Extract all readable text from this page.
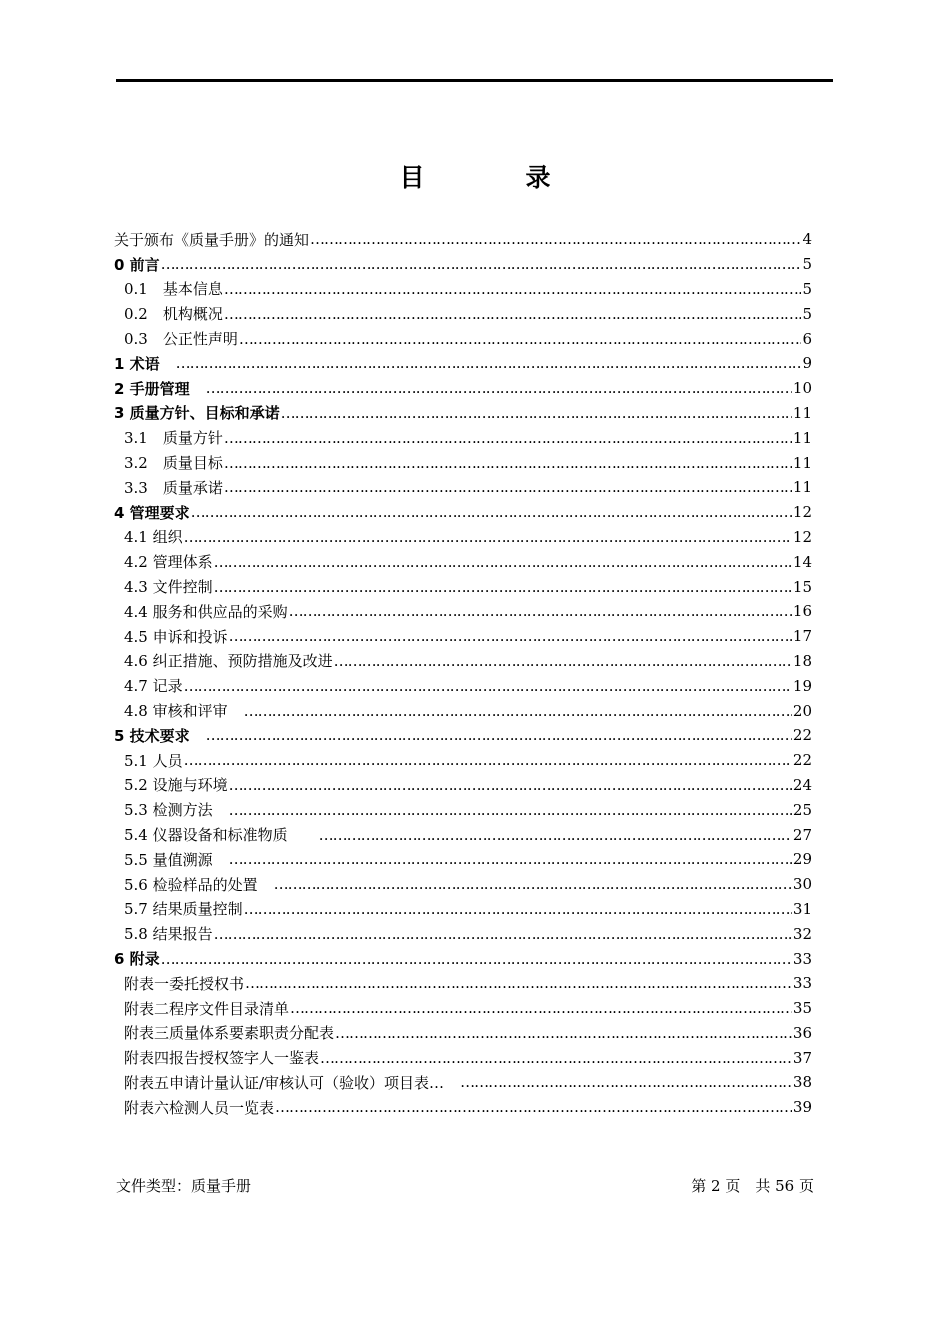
目　录
关于颁布《质量手册》的通知 ……………………………………………………………………………………………………………………………………………………………………………………………………………………………………	4
0 前言 ……………………………………………………………………………………………………………………………………………………………………………………………………………………………………	5
0.1　基本信息 ……………………………………………………………………………………………………………………………………………………………………………………………………………………………………	5
0.2　机构概况 ……………………………………………………………………………………………………………………………………………………………………………………………………………………………………	5
0.3　公正性声明 ……………………………………………………………………………………………………………………………………………………………………………………………………………………………………	6
1 术语　 ……………………………………………………………………………………………………………………………………………………………………………………………………………………………………	9
2 手册管理　 ……………………………………………………………………………………………………………………………………………………………………………………………………………………………………	10
3 质量方针、目标和承诺 ……………………………………………………………………………………………………………………………………………………………………………………………………………………………………	11
3.1　质量方针 ……………………………………………………………………………………………………………………………………………………………………………………………………………………………………	11
3.2　质量目标 ……………………………………………………………………………………………………………………………………………………………………………………………………………………………………	11
3.3　质量承诺 ……………………………………………………………………………………………………………………………………………………………………………………………………………………………………	11
4 管理要求 ……………………………………………………………………………………………………………………………………………………………………………………………………………………………………	12
4.1 组织 ……………………………………………………………………………………………………………………………………………………………………………………………………………………………………	12
4.2 管理体系 ……………………………………………………………………………………………………………………………………………………………………………………………………………………………………	14
4.3 文件控制 ……………………………………………………………………………………………………………………………………………………………………………………………………………………………………	15
4.4 服务和供应品的采购 ……………………………………………………………………………………………………………………………………………………………………………………………………………………………………	16
4.5 申诉和投诉 ……………………………………………………………………………………………………………………………………………………………………………………………………………………………………	17
4.6 纠正措施、预防措施及改进 ……………………………………………………………………………………………………………………………………………………………………………………………………………………………………	18
4.7 记录 ……………………………………………………………………………………………………………………………………………………………………………………………………………………………………	19
4.8 审核和评审　 ……………………………………………………………………………………………………………………………………………………………………………………………………………………………………	20
5 技术要求　 ……………………………………………………………………………………………………………………………………………………………………………………………………………………………………	22
5.1 人员 ……………………………………………………………………………………………………………………………………………………………………………………………………………………………………	22
5.2 设施与环境 ……………………………………………………………………………………………………………………………………………………………………………………………………………………………………	24
5.3 检测方法　 ……………………………………………………………………………………………………………………………………………………………………………………………………………………………………	25
5.4 仪器设备和标准物质　　 ……………………………………………………………………………………………………………………………………………………………………………………………………………………………………	27
5.5 量值溯源　 ……………………………………………………………………………………………………………………………………………………………………………………………………………………………………	29
5.6 检验样品的处置　 ……………………………………………………………………………………………………………………………………………………………………………………………………………………………………	30
5.7 结果质量控制 ……………………………………………………………………………………………………………………………………………………………………………………………………………………………………	31
5.8 结果报告 ……………………………………………………………………………………………………………………………………………………………………………………………………………………………………	32
6 附录 ……………………………………………………………………………………………………………………………………………………………………………………………………………………………………	33
附表一委托授权书 ……………………………………………………………………………………………………………………………………………………………………………………………………………………………………	33
附表二程序文件目录清单 ……………………………………………………………………………………………………………………………………………………………………………………………………………………………………	35
附表三质量体系要素职责分配表 ……………………………………………………………………………………………………………………………………………………………………………………………………………………………………	36
附表四报告授权签字人一鉴表 ……………………………………………………………………………………………………………………………………………………………………………………………………………………………………	37
附表五申请计量认证/审核认可（验收）项目表…　 ……………………………………………………………………………………………………………………………………………………………………………………………………………………………………	38
附表六检测人员一览表 ……………………………………………………………………………………………………………………………………………………………………………………………………………………………………	39
文件类型：质量手册	第 2 页　共 56 页
